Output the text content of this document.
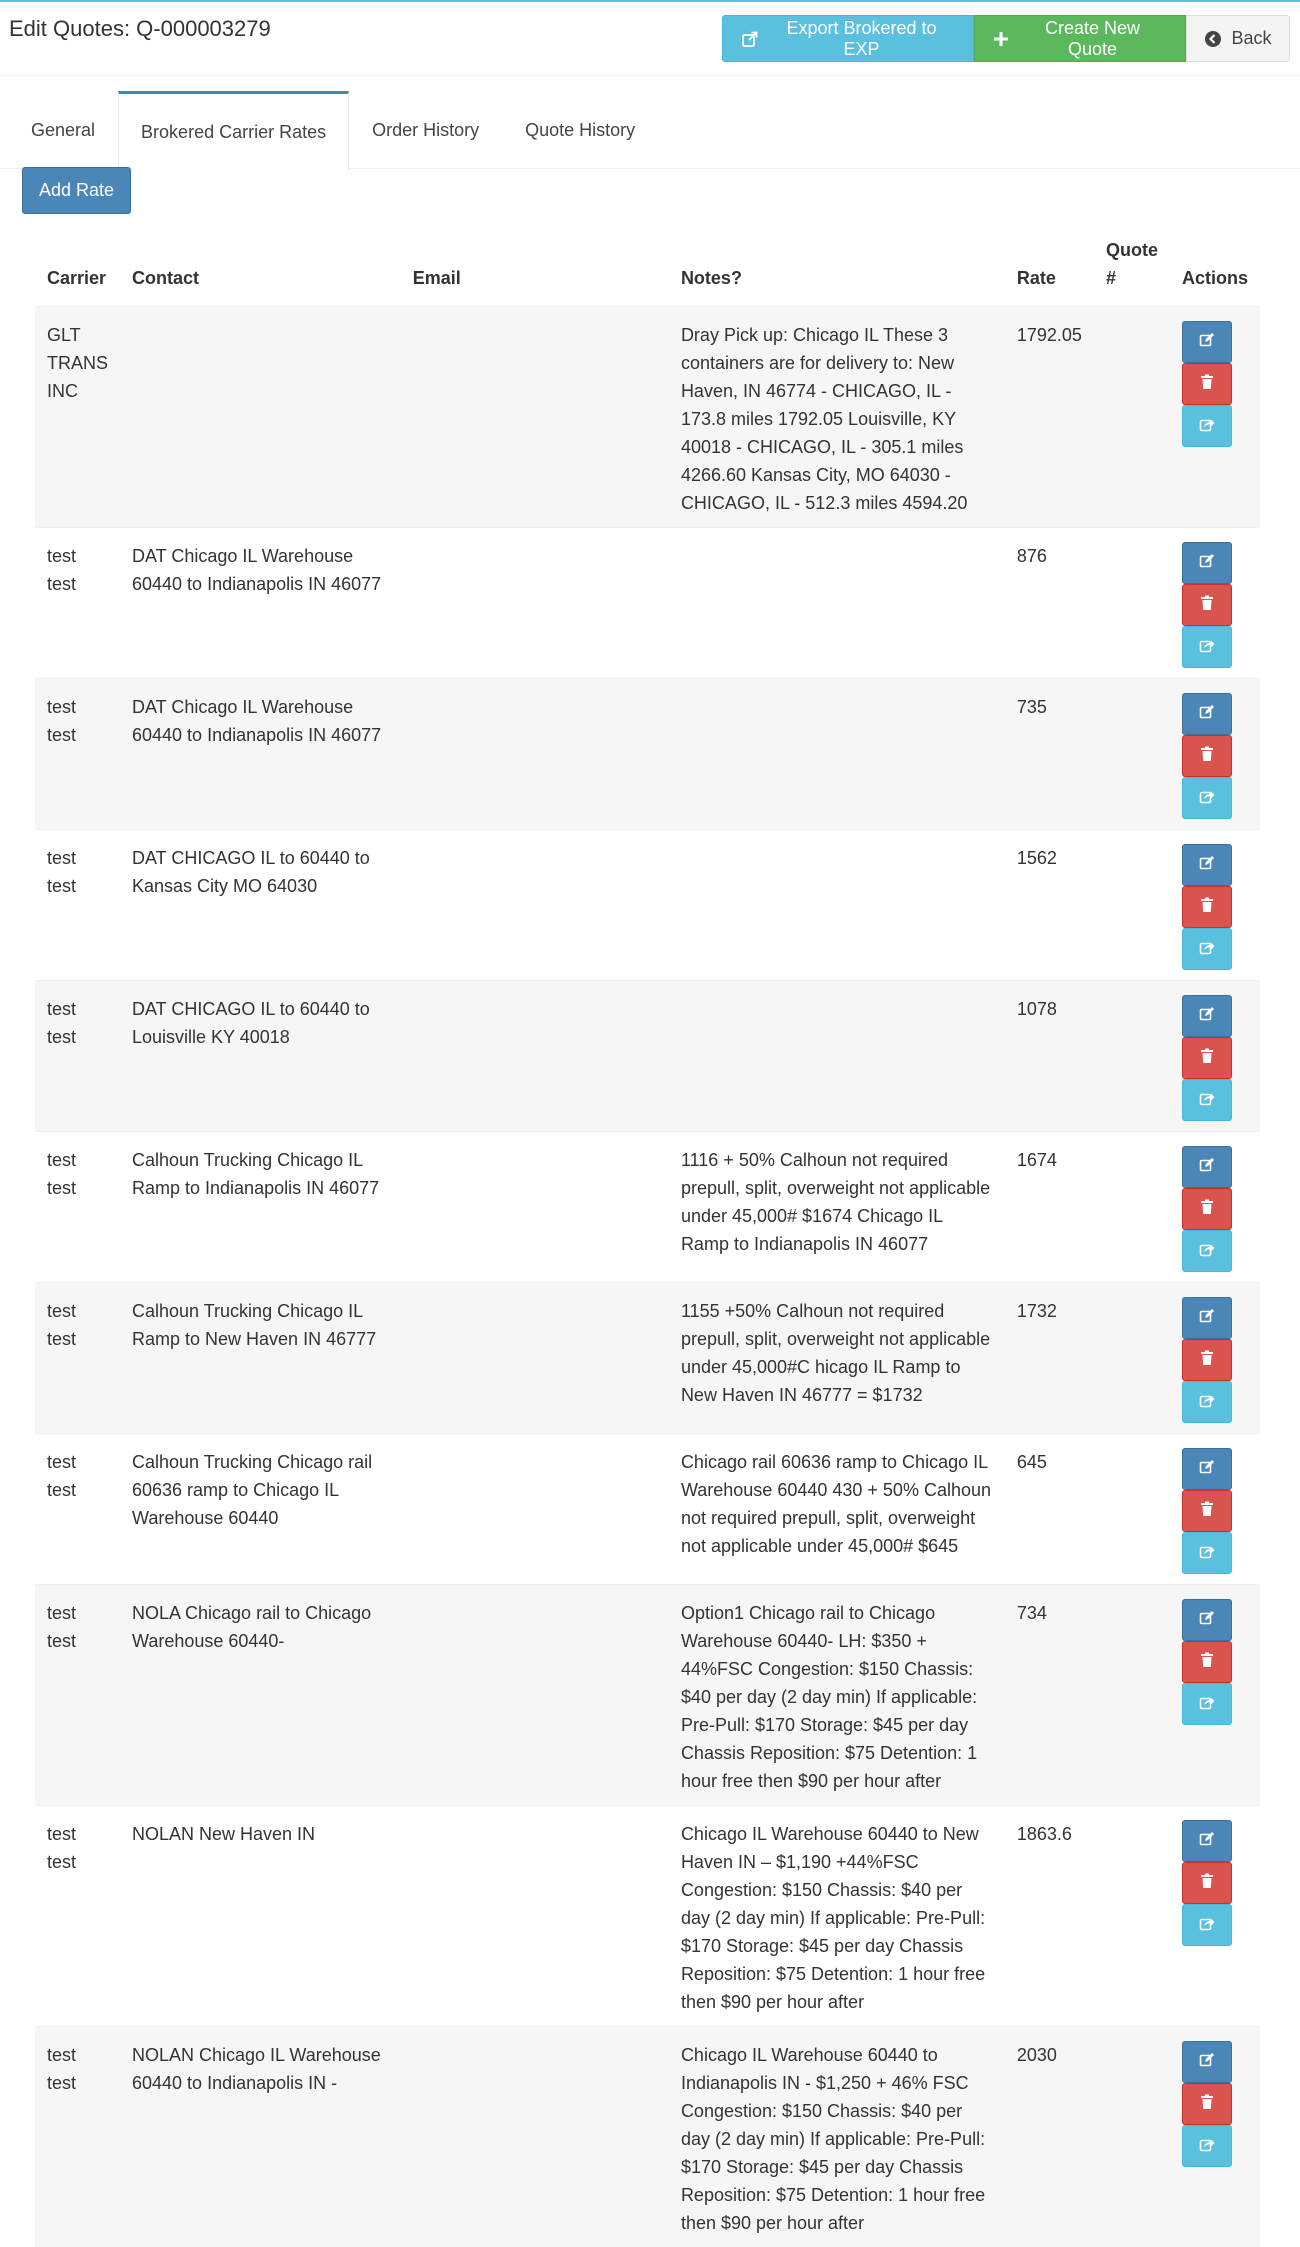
Edit Quotes: Q-000003279	Export Brokered to EXP
Create New Quote
Back
General	Brokered Carrier Rates	Order History	Quote History
Add Rate
Carrier	Contact	Email	Notes?	Rate	Quote #	Actions
GLT TRANS INC			Dray Pick up: Chicago IL These 3 containers are for delivery to: New Haven, IN 46774 - CHICAGO, IL - 173.8 miles 1792.05 Louisville, KY 40018 - CHICAGO, IL - 305.1 miles 4266.60 Kansas City, MO 64030 - CHICAGO, IL - 512.3 miles 4594.20	1792.05		

test test	DAT Chicago IL Warehouse 60440 to Indianapolis IN 46077			876		

test test	DAT Chicago IL Warehouse 60440 to Indianapolis IN 46077			735		

test test	DAT CHICAGO IL to 60440 to Kansas City MO 64030			1562		

test test	DAT CHICAGO IL to 60440 to Louisville KY 40018			1078		

test test	Calhoun Trucking Chicago IL Ramp to Indianapolis IN 46077		1116 + 50% Calhoun not required prepull, split, overweight not applicable under 45,000# $1674 Chicago IL Ramp to Indianapolis IN 46077	1674		

test test	Calhoun Trucking Chicago IL Ramp to New Haven IN 46777		1155 +50% Calhoun not required prepull, split, overweight not applicable under 45,000#C hicago IL Ramp to New Haven IN 46777 = $1732	1732		

test test	Calhoun Trucking Chicago rail 60636 ramp to Chicago IL Warehouse 60440		Chicago rail 60636 ramp to Chicago IL Warehouse 60440 430 + 50% Calhoun not required prepull, split, overweight not applicable under 45,000# $645	645		

test test	NOLA Chicago rail to Chicago Warehouse 60440-		Option1 Chicago rail to Chicago Warehouse 60440- LH: $350 + 44%FSC Congestion: $150 Chassis: $40 per day (2 day min) If applicable: Pre-Pull: $170 Storage: $45 per day Chassis Reposition: $75 Detention: 1 hour free then $90 per hour after	734		

test test	NOLAN New Haven IN		Chicago IL Warehouse 60440 to New Haven IN – $1,190 +44%FSC Congestion: $150 Chassis: $40 per day (2 day min) If applicable: Pre-Pull: $170 Storage: $45 per day Chassis Reposition: $75 Detention: 1 hour free then $90 per hour after	1863.6		

test test	NOLAN Chicago IL Warehouse 60440 to Indianapolis IN -		Chicago IL Warehouse 60440 to Indianapolis IN - $1,250 + 46% FSC Congestion: $150 Chassis: $40 per day (2 day min) If applicable: Pre-Pull: $170 Storage: $45 per day Chassis Reposition: $75 Detention: 1 hour free then $90 per hour after	2030		
